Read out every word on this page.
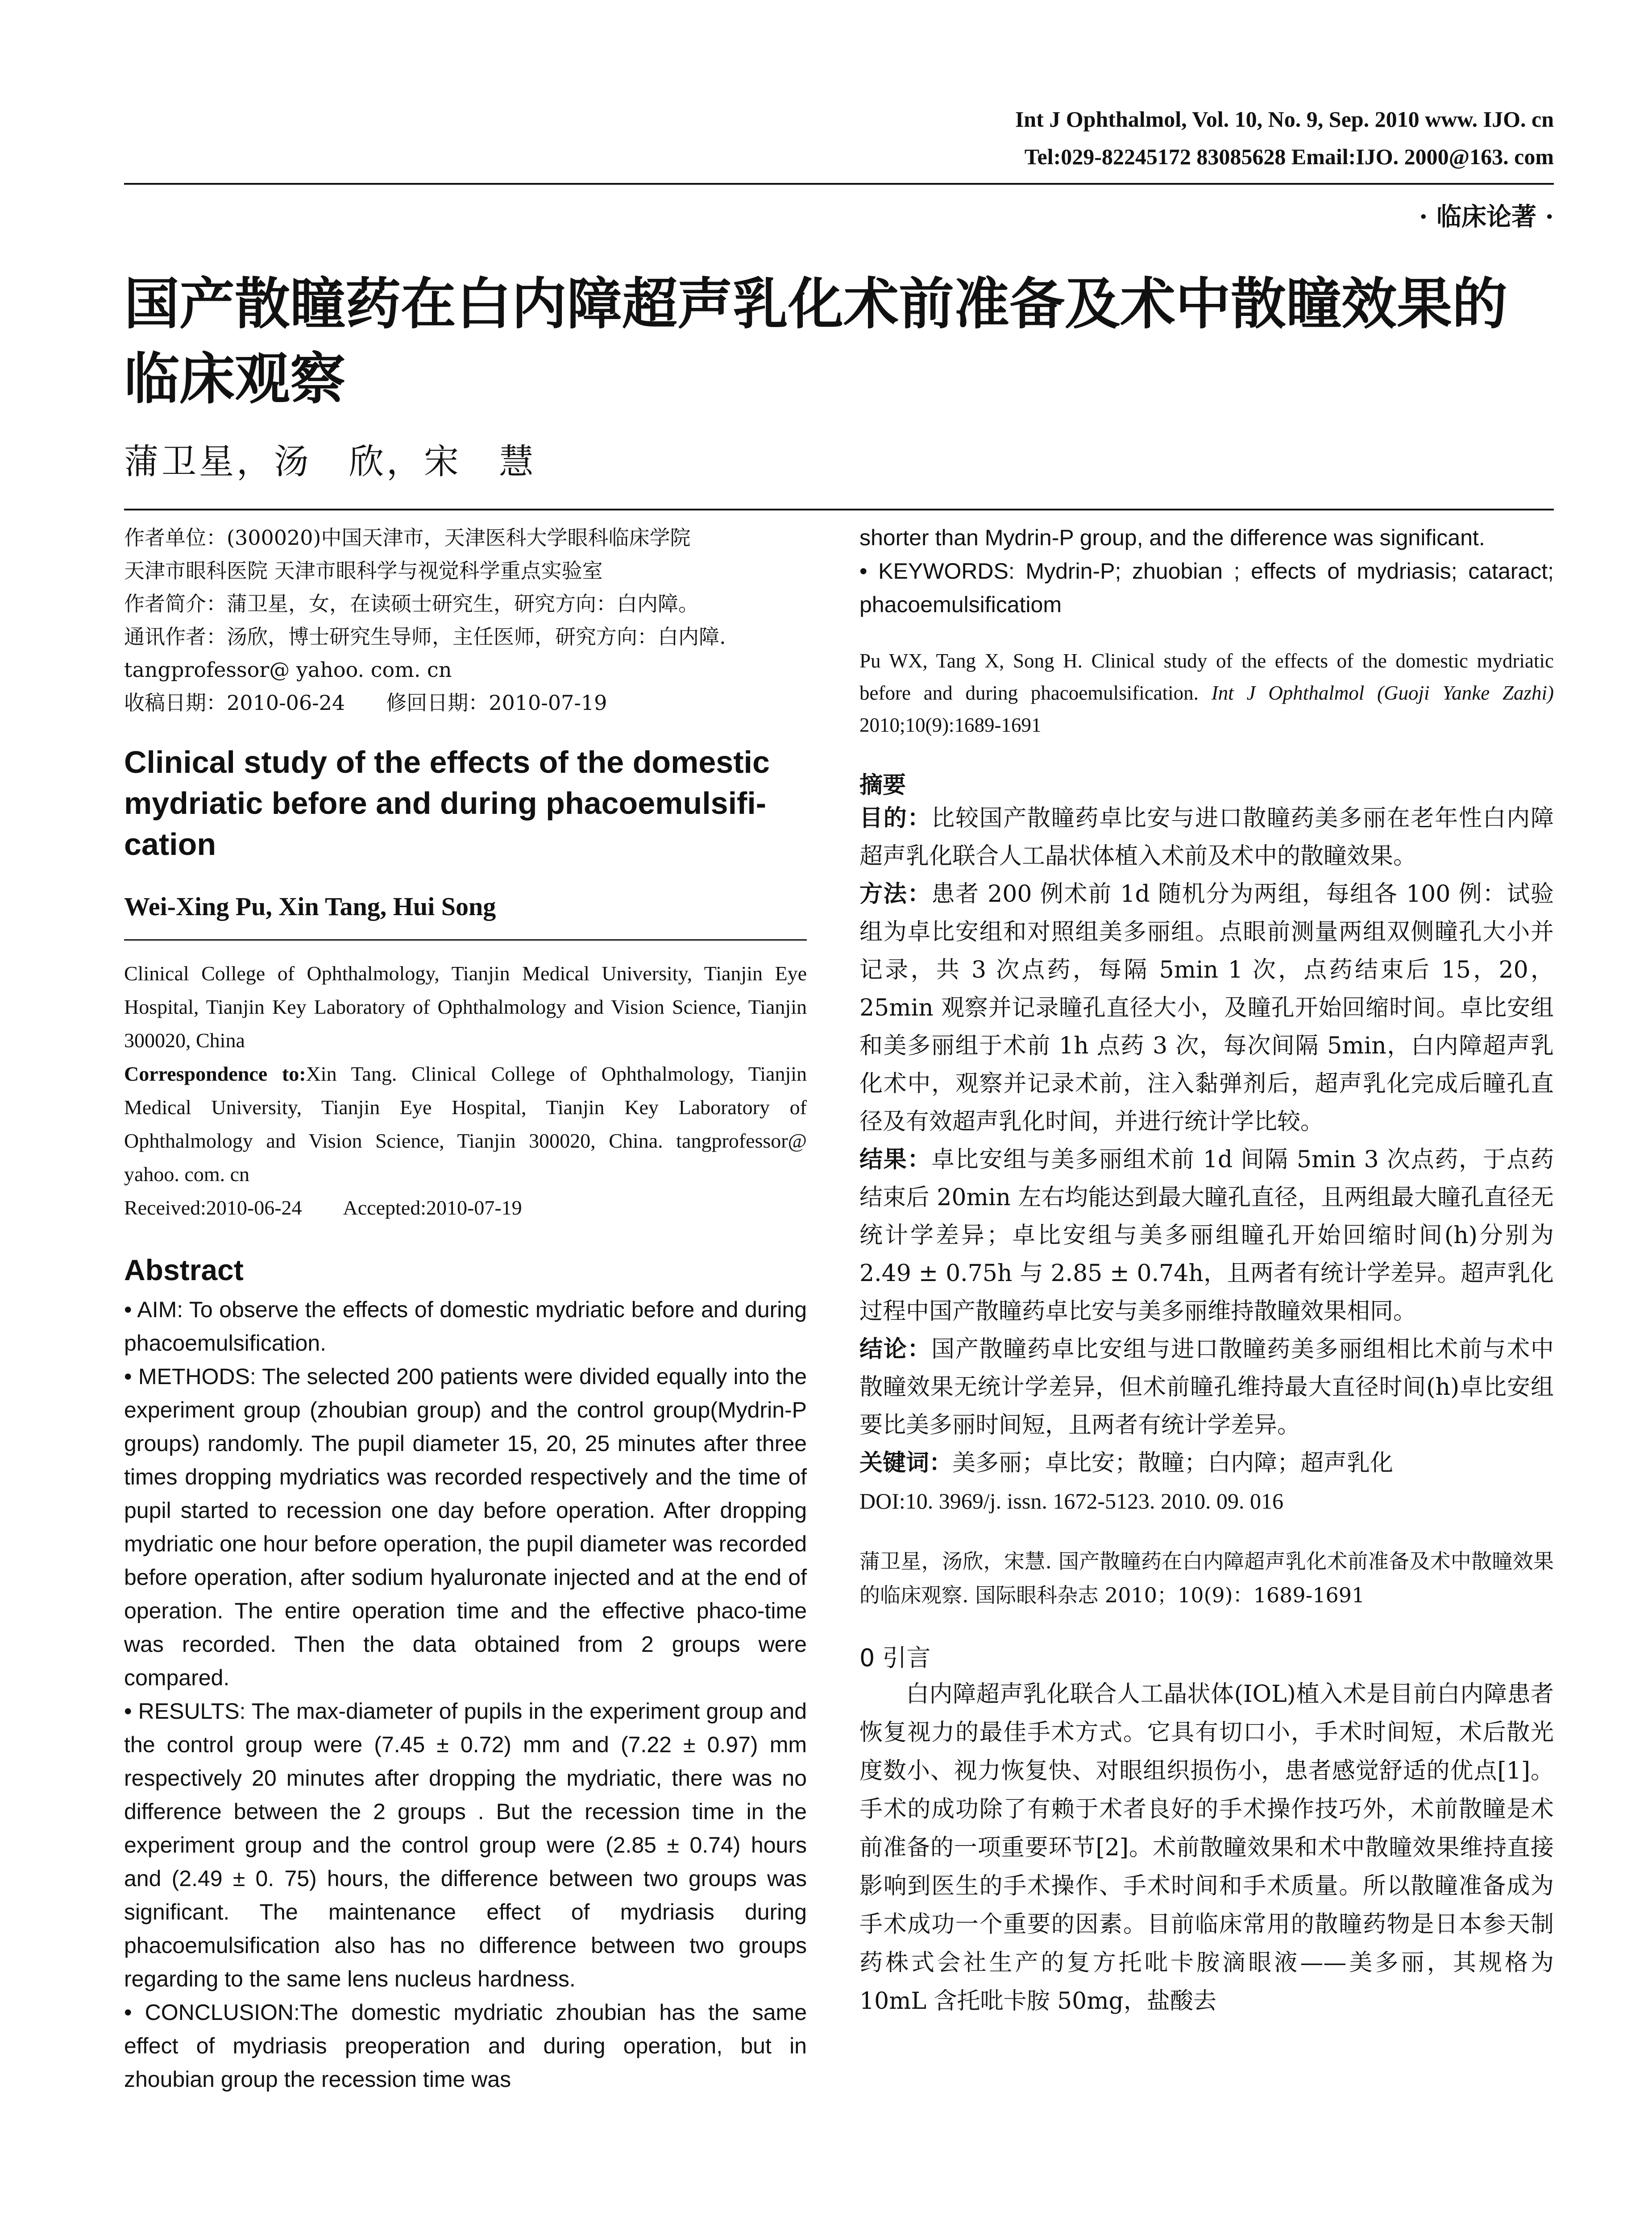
Int J Ophthalmol, Vol. 10, No. 9, Sep. 2010 www. IJO. cn
Tel:029-82245172 83085628 Email:IJO. 2000@163. com
· 临床论著 ·
国产散瞳药在白内障超声乳化术前准备及术中散瞳效果的临床观察
蒲卫星，汤　欣，宋　慧

作者单位：(300020)中国天津市，天津医科大学眼科临床学院

天津市眼科医院 天津市眼科学与视觉科学重点实验室

作者简介：蒲卫星，女，在读硕士研究生，研究方向：白内障。

通讯作者：汤欣，博士研究生导师，主任医师，研究方向：白内障.

tangprofessor@ yahoo. com. cn

收稿日期：2010-06-24　　修回日期：2010-07-19

Clinical study of the effects of the domestic mydriatic before and during phacoemulsifi-cation
Wei-Xing Pu, Xin Tang, Hui Song
Clinical College of Ophthalmology, Tianjin Medical University, Tianjin Eye Hospital, Tianjin Key Laboratory of Ophthalmology and Vision Science, Tianjin 300020, China
Correspondence to:Xin Tang. Clinical College of Ophthalmology, Tianjin Medical University, Tianjin Eye Hospital, Tianjin Key Laboratory of Ophthalmology and Vision Science, Tianjin 300020, China. tangprofessor@ yahoo. com. cn
Received:2010-06-24　　Accepted:2010-07-19
Abstract

• AIM: To observe the effects of domestic mydriatic before and during phacoemulsification.

• METHODS: The selected 200 patients were divided equally into the experiment group (zhoubian group) and the control group(Mydrin-P groups) randomly. The pupil diameter 15, 20, 25 minutes after three times dropping mydriatics was recorded respectively and the time of pupil started to recession one day before operation. After dropping mydriatic one hour before operation, the pupil diameter was recorded before operation, after sodium hyaluronate injected and at the end of operation. The entire operation time and the effective phaco-time was recorded. Then the data obtained from 2 groups were compared.

• RESULTS: The max-diameter of pupils in the experiment group and the control group were (7.45 ± 0.72) mm and (7.22 ± 0.97) mm respectively 20 minutes after dropping the mydriatic, there was no difference between the 2 groups . But the recession time in the experiment group and the control group were (2.85 ± 0.74) hours and (2.49 ± 0. 75) hours, the difference between two groups was significant. The maintenance effect of mydriasis during phacoemulsification also has no difference between two groups regarding to the same lens nucleus hardness.

• CONCLUSION:The domestic mydriatic zhoubian has the same effect of mydriasis preoperation and during operation, but in zhoubian group the recession time was

shorter than Mydrin-P group, and the difference was significant.

• KEYWORDS: Mydrin-P; zhuobian ; effects of mydriasis; cataract; phacoemulsificatiom

Pu WX, Tang X, Song H. Clinical study of the effects of the domestic mydriatic before and during phacoemulsification. Int J Ophthalmol (Guoji Yanke Zazhi) 2010;10(9):1689-1691
摘要

目的：比较国产散瞳药卓比安与进口散瞳药美多丽在老年性白内障超声乳化联合人工晶状体植入术前及术中的散瞳效果。

方法：患者 200 例术前 1d 随机分为两组，每组各 100 例：试验组为卓比安组和对照组美多丽组。点眼前测量两组双侧瞳孔大小并记录，共 3 次点药，每隔 5min 1 次，点药结束后 15，20，25min 观察并记录瞳孔直径大小，及瞳孔开始回缩时间。卓比安组和美多丽组于术前 1h 点药 3 次，每次间隔 5min，白内障超声乳化术中，观察并记录术前，注入黏弹剂后，超声乳化完成后瞳孔直径及有效超声乳化时间，并进行统计学比较。

结果：卓比安组与美多丽组术前 1d 间隔 5min 3 次点药，于点药结束后 20min 左右均能达到最大瞳孔直径，且两组最大瞳孔直径无统计学差异；卓比安组与美多丽组瞳孔开始回缩时间(h)分别为 2.49 ± 0.75h 与 2.85 ± 0.74h，且两者有统计学差异。超声乳化过程中国产散瞳药卓比安与美多丽维持散瞳效果相同。

结论：国产散瞳药卓比安组与进口散瞳药美多丽组相比术前与术中散瞳效果无统计学差异，但术前瞳孔维持最大直径时间(h)卓比安组要比美多丽时间短，且两者有统计学差异。

关键词：美多丽；卓比安；散瞳；白内障；超声乳化

DOI:10. 3969/j. issn. 1672-5123. 2010. 09. 016
蒲卫星，汤欣，宋慧. 国产散瞳药在白内障超声乳化术前准备及术中散瞳效果的临床观察. 国际眼科杂志 2010；10(9)：1689-1691
0 引言

白内障超声乳化联合人工晶状体(IOL)植入术是目前白内障患者恢复视力的最佳手术方式。它具有切口小，手术时间短，术后散光度数小、视力恢复快、对眼组织损伤小，患者感觉舒适的优点[1]。手术的成功除了有赖于术者良好的手术操作技巧外，术前散瞳是术前准备的一项重要环节[2]。术前散瞳效果和术中散瞳效果维持直接影响到医生的手术操作、手术时间和手术质量。所以散瞳准备成为手术成功一个重要的因素。目前临床常用的散瞳药物是日本参天制药株式会社生产的复方托吡卡胺滴眼液——美多丽，其规格为 10mL 含托吡卡胺 50mg，盐酸去
